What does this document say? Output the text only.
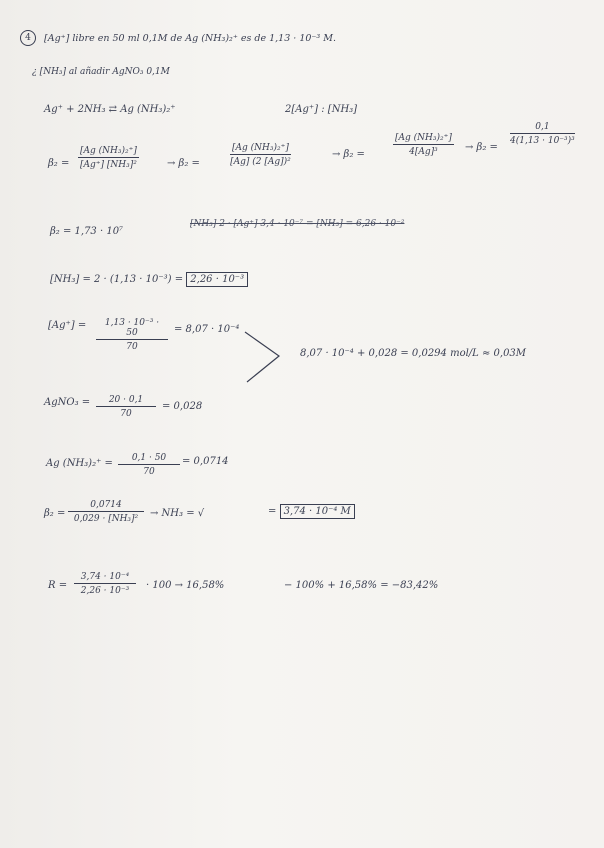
4	[Ag⁺] libre en 50 ml 0,1M de Ag (NH₃)₂⁺ es de 1,13 · 10⁻³ M.
¿ [NH₃] al añadir AgNO₃ 0,1M
Ag⁺ + 2NH₃ ⇄ Ag (NH₃)₂⁺	2[Ag⁺] : [NH₃]
$\beta_2 = \frac{\text{[Ag (NH₃)₂⁺]}}{\text{[Ag⁺] [NH₃]²}}$	→ β₂ =	$\frac{\text{[Ag (NH₃)₂⁺]}}{\text{[Ag] (2 [Ag])²}}$	→ β₂ =	$\frac{\text{[Ag (NH₃)₂⁺]}}{\text{4[Ag]³}} \to \beta_2$ =
$\frac{0,1}{\text{4(1,13 · 10⁻³)³}}$
β₂ = 1,73 · 10⁷
[NH₃] 2 · [Ag⁺] 3,4 · 10⁻⁷ = [NH₃] = 6,26 · 10⁻²
[NH₃] = 2 · (1,13 · 10⁻³) = 2,26 · 10⁻³
$[Ag^+] = \frac{\text{1,13 · 10⁻³ · 50}}{70} = 8,07 \cdot 10^{-4}$
8,07 · 10⁻⁴ + 0,028 = 0,0294 mol/L ≈ 0,03M
AgNO₃ = $\frac{20 \cdot 0,1}{70} = 0,028$
Ag $(NH_3)_2^+ = \frac{0,1 \cdot 50}{70} = 0,0714$
$\beta_2 = \frac{0,0714}{\text{0,029 · [NH₃]²}} \to NH_3$ = √	= 3,74 · 10⁻⁴ M
$R = \frac{\text{3,74 · 10⁻⁴}}{\text{2,26 · 10⁻³}} \cdot 100 \to 16,58\%$	− 100% + 16,58% = −83,42%
